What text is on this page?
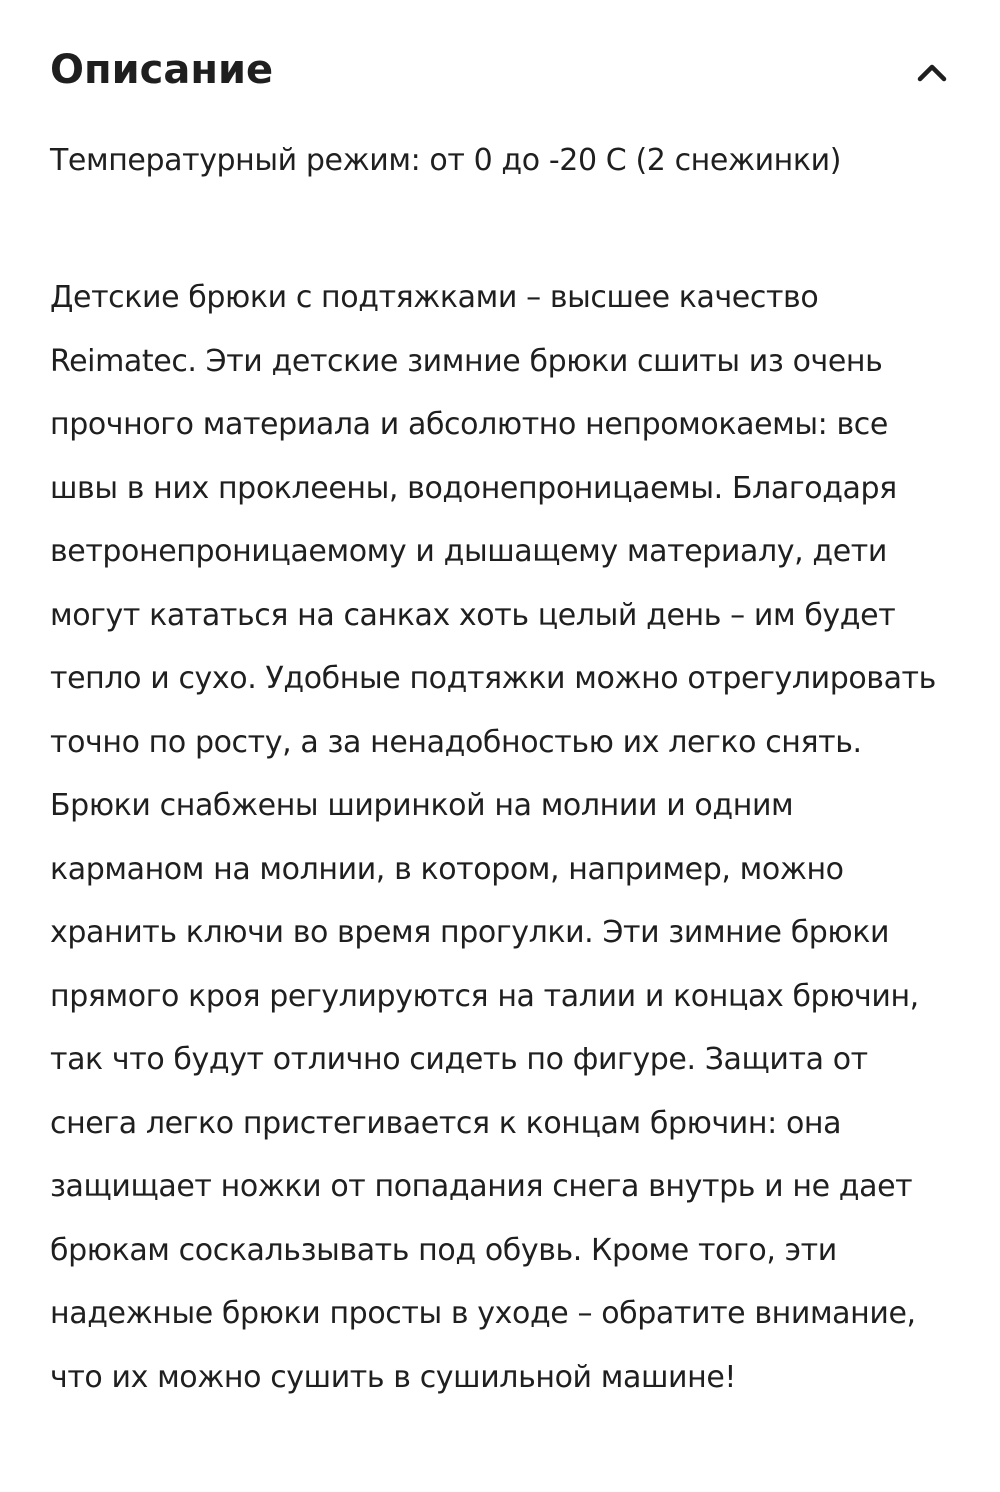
Описание

Температурный режим: от 0 до -20 С (2 снежинки)

Детские брюки с подтяжками – высшее качество Reimatec. Эти детские зимние брюки сшиты из очень прочного материала и абсолютно непромокаемы: все швы в них проклеены, водонепроницаемы. Благодаря ветронепроницаемому и дышащему материалу, дети могут кататься на санках хоть целый день – им будет тепло и сухо. Удобные подтяжки можно отрегулировать точно по росту, а за ненадобностью их легко снять.

Брюки снабжены ширинкой на молнии и одним карманом на молнии, в котором, например, можно хранить ключи во время прогулки. Эти зимние брюки прямого кроя регулируются на талии и концах брючин, так что будут отлично сидеть по фигуре. Защита от снега легко пристегивается к концам брючин: она защищает ножки от попадания снега внутрь и не дает брюкам соскальзывать под обувь. Кроме того, эти надежные брюки просты в уходе – обратите внимание, что их можно сушить в сушильной машине!
